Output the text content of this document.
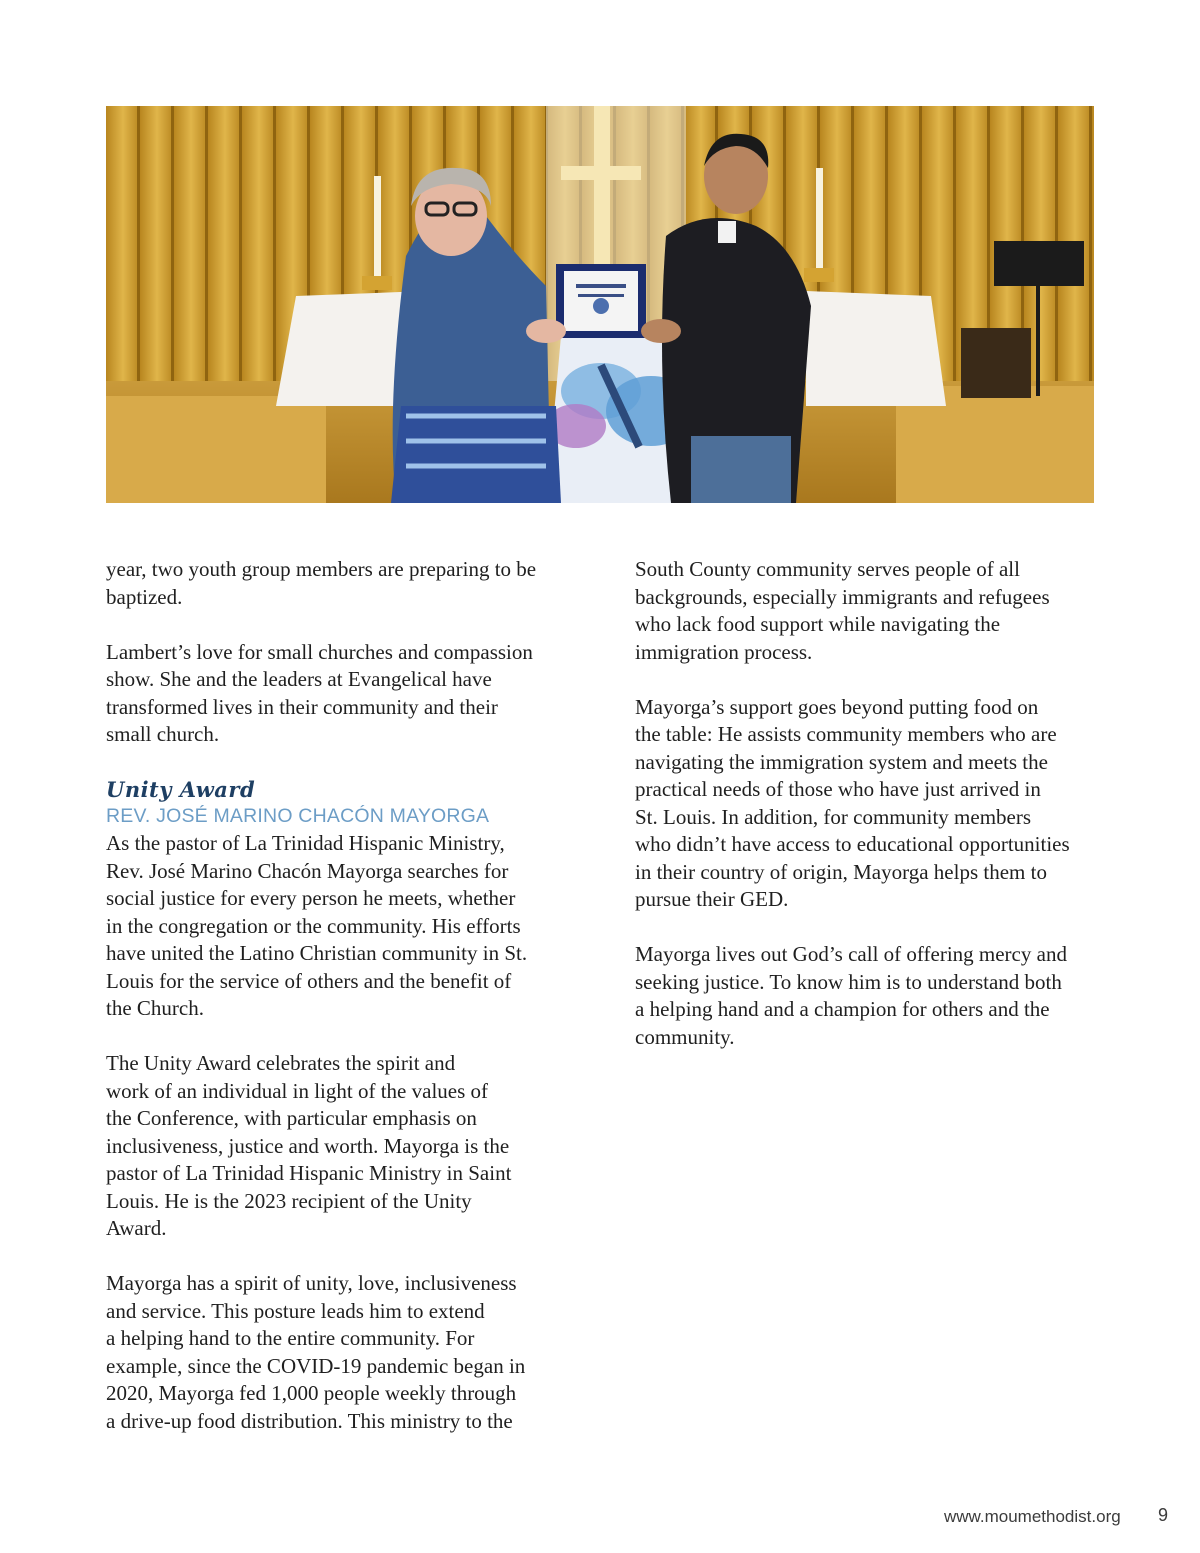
year, two youth group members are preparing to be
baptized.

Lambert’s love for small churches and compassion
show. She and the leaders at Evangelical have
transformed lives in their community and their
small church.

Unity Award

REV. JOSÉ MARINO CHACÓN MAYORGA

As the pastor of La Trinidad Hispanic Ministry,
Rev. José Marino Chacón Mayorga searches for
social justice for every person he meets, whether
in the congregation or the community. His efforts
have united the Latino Christian community in St.
Louis for the service of others and the benefit of
the Church.

The Unity Award celebrates the spirit and
work of an individual in light of the values of
the Conference, with particular emphasis on
inclusiveness, justice and worth. Mayorga is the
pastor of La Trinidad Hispanic Ministry in Saint
Louis. He is the 2023 recipient of the Unity
Award.

Mayorga has a spirit of unity, love, inclusiveness
and service. This posture leads him to extend
a helping hand to the entire community. For
example, since the COVID-19 pandemic began in
2020, Mayorga fed 1,000 people weekly through
a drive-up food distribution. This ministry to the

South County community serves people of all
backgrounds, especially immigrants and refugees
who lack food support while navigating the
immigration process.

Mayorga’s support goes beyond putting food on
the table: He assists community members who are
navigating the immigration system and meets the
practical needs of those who have just arrived in
St. Louis. In addition, for community members
who didn’t have access to educational opportunities
in their country of origin, Mayorga helps them to
pursue their GED.

Mayorga lives out God’s call of offering mercy and
seeking justice. To know him is to understand both
a helping hand and a champion for others and the
community.

www.moumethodist.org 9
